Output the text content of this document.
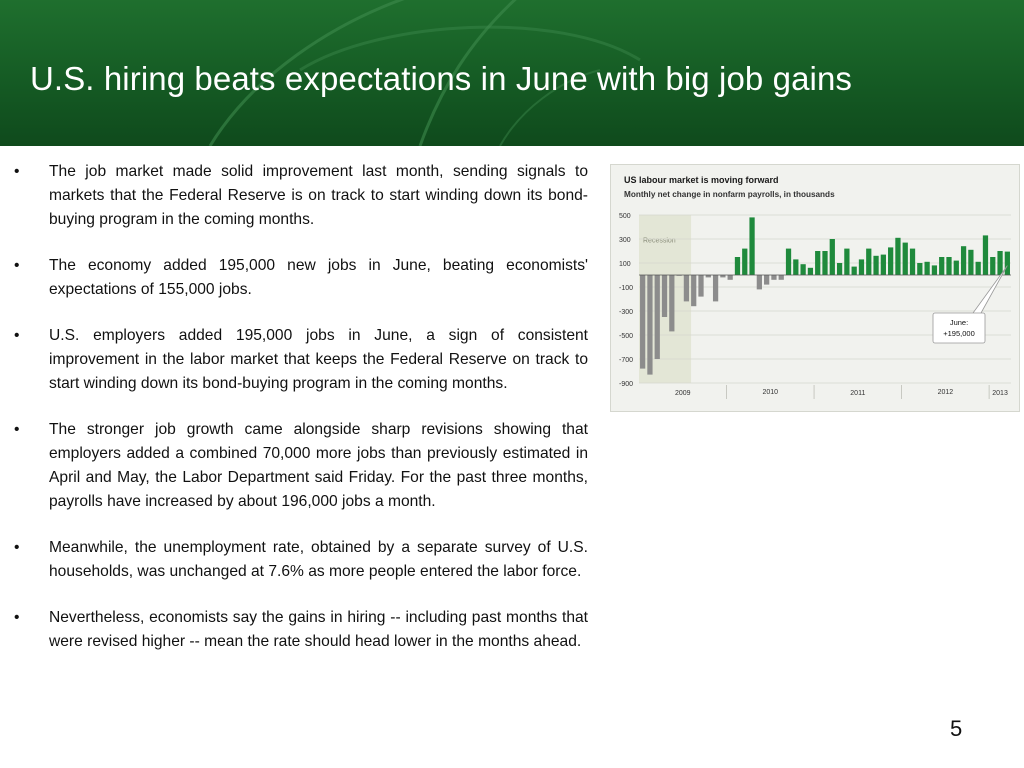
U.S. hiring beats expectations in June with big job gains
•	The job market made solid improvement last month, sending signals to markets that the Federal Reserve is on track to start winding down its bond-buying program in the coming months.
•	The economy added 195,000 new jobs in June, beating economists' expectations of 155,000 jobs.
•	U.S. employers added 195,000 jobs in June, a sign of consistent improvement in the labor market that keeps the Federal Reserve on track to start winding down its bond-buying program in the coming months.
•	The stronger job growth came alongside sharp revisions showing that employers added a combined 70,000 more jobs than previously estimated in April and May, the Labor Department said Friday. For the past three months, payrolls have increased by about 196,000 jobs a month.
•	Meanwhile, the unemployment rate, obtained by a separate survey of U.S. households, was unchanged at 7.6% as more people entered the labor force.
•	Nevertheless, economists say the gains in hiring -- including past months that were revised higher -- mean the rate should head lower in the months ahead.
Recession
US labour market is moving forward
Monthly net change in nonfarm payrolls, in thousands
500
300
100
-100
-300
-500
-700
-900
2009	2010	2011	2012	2013
June:
+195,000
5
